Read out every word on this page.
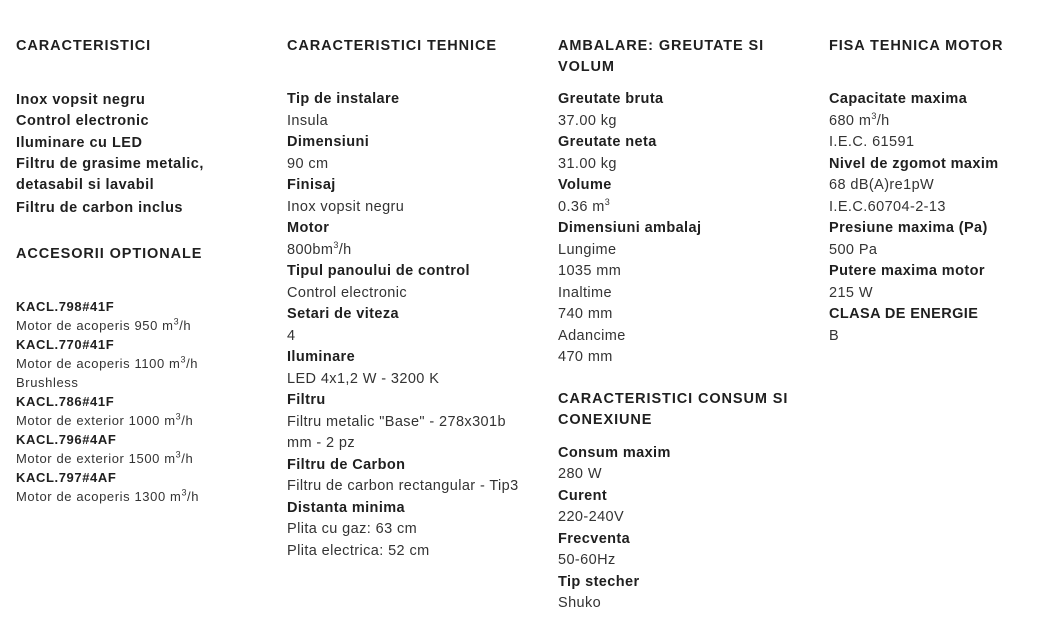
CARACTERISTICI
Inox vopsit negru
Control electronic
Iluminare cu LED
Filtru de grasime metalic,
detasabil si lavabil
Filtru de carbon inclus
ACCESORII OPTIONALE
KACL.798#41F
Motor de acoperis 950 $m^3/h$
KACL.770#41F
Motor de acoperis 1100 $m^3/h$
Brushless
KACL.786#41F
Motor de exterior 1000 $m^3/h$
KACL.796#4AF
Motor de exterior 1500 $m^3/h$
KACL.797#4AF
Motor de acoperis 1300 $m^3/h$
CARACTERISTICI TEHNICE
Tip de instalare
Insula
Dimensiuni
90 cm
Finisaj
Inox vopsit negru
Motor
$800bm^3/h$
Tipul panoului de control
Control electronic
Setari de viteza
4
Iluminare
LED 4x1,2 W - 3200 K
Filtru
Filtru metalic "Base" - 278x301b
mm - 2 pz
Filtru de Carbon
Filtru de carbon rectangular - Tip3
Distanta minima
Plita cu gaz: 63 cm
Plita electrica: 52 cm
AMBALARE: GREUTATE SI
VOLUM
Greutate bruta
37.00 kg
Greutate neta
31.00 kg
Volume
0.36 $m^3$
Dimensiuni ambalaj
Lungime
1035 mm
Inaltime
740 mm
Adancime
470 mm
CARACTERISTICI CONSUM SI
CONEXIUNE
Consum maxim
280 W
Curent
220-240V
Frecventa
50-60Hz
Tip stecher
Shuko
FISA TEHNICA MOTOR
Capacitate maxima
680 $m^3/h$
I.E.C. 61591
Nivel de zgomot maxim
68 dB(A)re1pW
I.E.C.60704-2-13
Presiune maxima (Pa)
500 Pa
Putere maxima motor
215 W
CLASA DE ENERGIE
B
